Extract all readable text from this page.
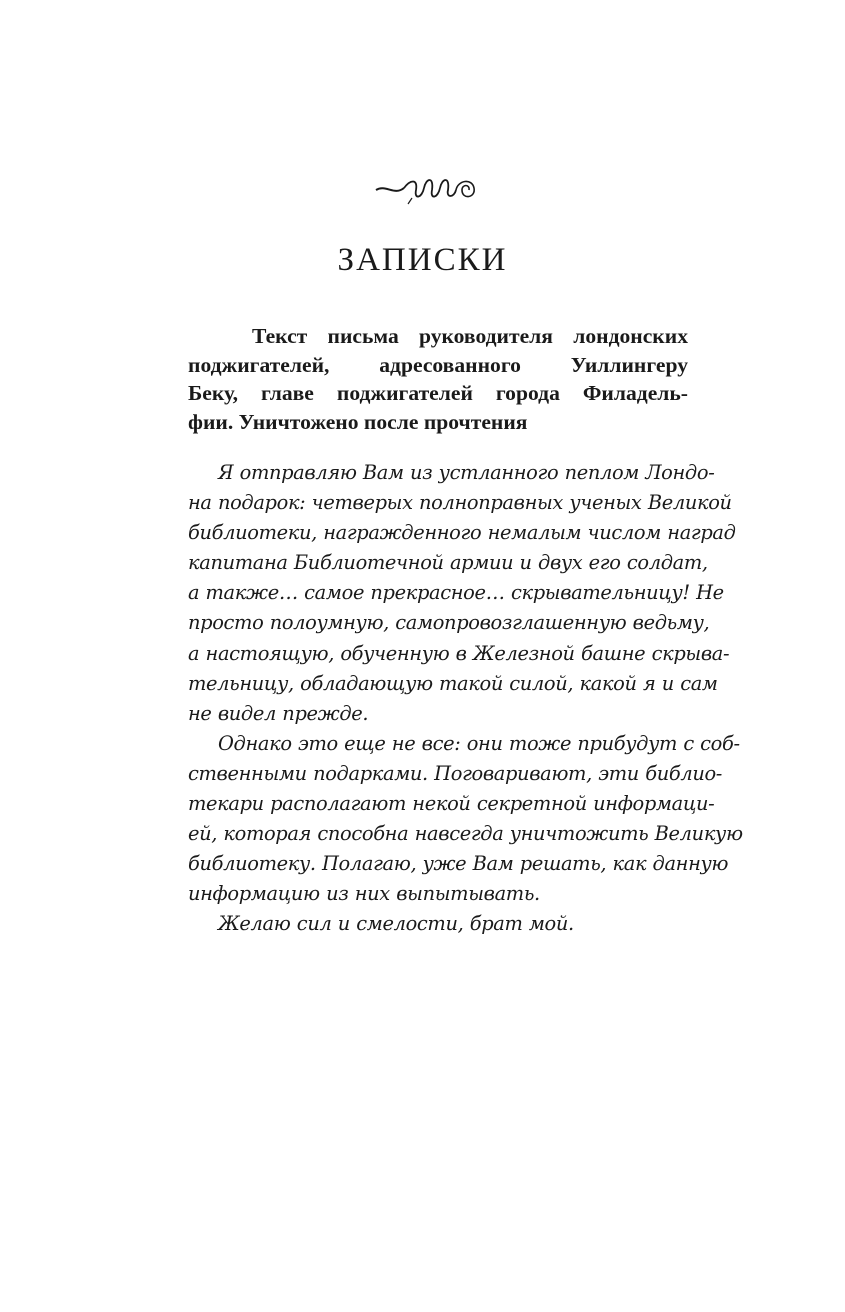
ЗАПИСКИ
Текст письма руководителя лондонских
поджигателей, адресованного Уиллингеру
Беку, главе поджигателей города Филадель-
фии. Уничтожено после прочтения
Я отправляю Вам из устланного пеплом Лондо-
на подарок: четверых полноправных ученых Великой
библиотеки, награжденного немалым числом наград
капитана Библиотечной армии и двух его солдат,
а также… самое прекрасное… скрывательницу! Не
просто полоумную, самопровозглашенную ведьму,
а настоящую, обученную в Железной башне скрыва-
тельницу, обладающую такой силой, какой я и сам
не видел прежде.
Однако это еще не все: они тоже прибудут с соб-
ственными подарками. Поговаривают, эти библио-
текари располагают некой секретной информаци-
ей, которая способна навсегда уничтожить Великую
библиотеку. Полагаю, уже Вам решать, как данную
информацию из них выпытывать.
Желаю сил и смелости, брат мой.
